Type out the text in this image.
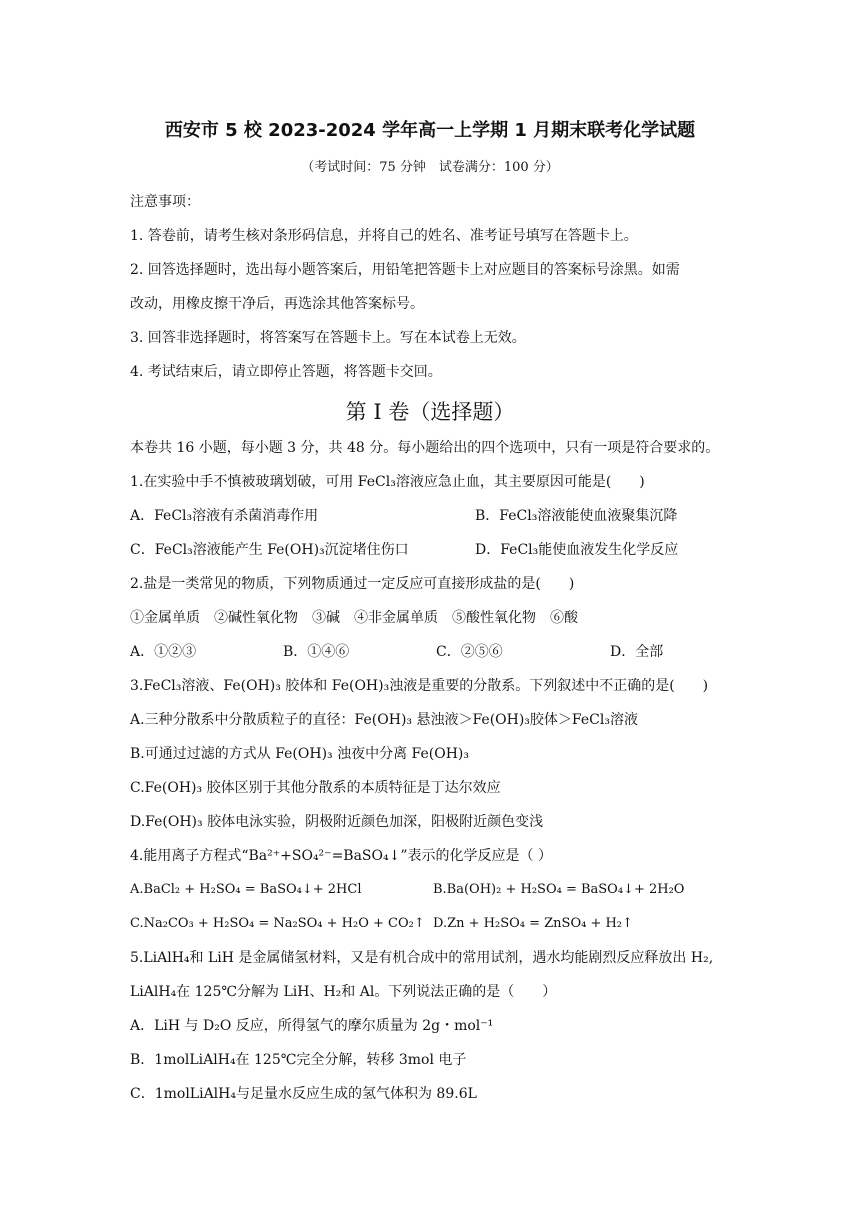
西安市 5 校 2023-2024 学年高一上学期 1 月期末联考化学试题
（考试时间：75 分钟　试卷满分：100 分）
注意事项：
1. 答卷前，请考生核对条形码信息，并将自己的姓名、准考证号填写在答题卡上。
2. 回答选择题时，选出每小题答案后，用铅笔把答题卡上对应题目的答案标号涂黑。如需
改动，用橡皮擦干净后，再选涂其他答案标号。
3. 回答非选择题时，将答案写在答题卡上。写在本试卷上无效。
4. 考试结束后，请立即停止答题，将答题卡交回。
第 I 卷（选择题）
本卷共 16 小题，每小题 3 分，共 48 分。每小题给出的四个选项中，只有一项是符合要求的。
1.在实验中手不慎被玻璃划破，可用 FeCl₃溶液应急止血，其主要原因可能是(　　)
A．FeCl₃溶液有杀菌消毒作用	B．FeCl₃溶液能使血液聚集沉降
C．FeCl₃溶液能产生 Fe(OH)₃沉淀堵住伤口	D．FeCl₃能使血液发生化学反应
2.盐是一类常见的物质，下列物质通过一定反应可直接形成盐的是(　　)
①金属单质　②碱性氧化物　③碱　④非金属单质　⑤酸性氧化物　⑥酸
A．①②③	B．①④⑥	C．②⑤⑥	D．全部
3.FeCl₃溶液、Fe(OH)₃ 胶体和 Fe(OH)₃浊液是重要的分散系。下列叙述中不正确的是(　　)
A.三种分散系中分散质粒子的直径：Fe(OH)₃ 悬浊液＞Fe(OH)₃胶体＞FeCl₃溶液
B.可通过过滤的方式从 Fe(OH)₃ 浊夜中分离 Fe(OH)₃
C.Fe(OH)₃ 胶体区别于其他分散系的本质特征是丁达尔效应
D.Fe(OH)₃ 胶体电泳实验，阴极附近颜色加深，阳极附近颜色变浅
4.能用离子方程式“Ba²⁺+SO₄²⁻=BaSO₄↓”表示的化学反应是（ ）
A.BaCl₂ + H₂SO₄ = BaSO₄↓+ 2HCl	B.Ba(OH)₂ + H₂SO₄ = BaSO₄↓+ 2H₂O
C.Na₂CO₃ + H₂SO₄ = Na₂SO₄ + H₂O + CO₂↑ D.Zn + H₂SO₄ = ZnSO₄ + H₂↑
5.LiAlH₄和 LiH 是金属储氢材料，又是有机合成中的常用试剂，遇水均能剧烈反应释放出 H₂,
LiAlH₄在 125℃分解为 LiH、H₂和 Al。下列说法正确的是（　　）
A．LiH 与 D₂O 反应，所得氢气的摩尔质量为 2g・mol⁻¹
B．1molLiAlH₄在 125℃完全分解，转移 3mol 电子
C．1molLiAlH₄与足量水反应生成的氢气体积为 89.6L
